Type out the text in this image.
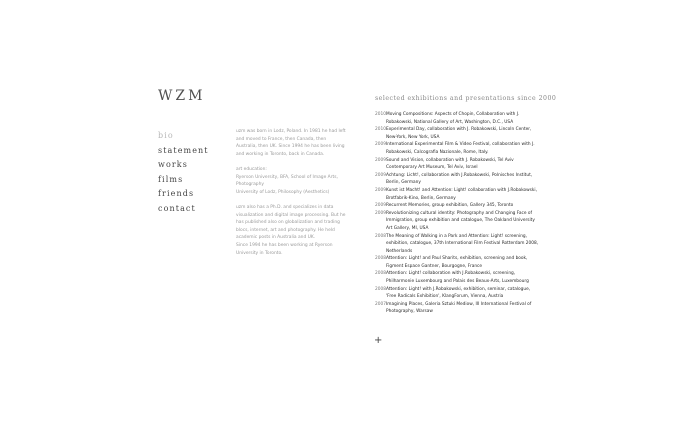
WZM
bio
statement
works
films
friends
contact

uzm was born in Lodz, Poland. In 1981 he had left and moved to France, then Canada, then Australia, then UK. Since 1994 he has been living and working in Toronto, back in Canada.

art education:
Ryerson University, BFA, School of Image Arts, Photography
University of Lodz, Philosophy (Aesthetics)

uzm also has a Ph.D. and specializes in data visualization and digital image processing. But he has published also on globalization and trading blocs, internet, art and photography. He held academic posts in Australia and UK.
Since 1994 he has been working at Ryerson University in Toronto.

selected exhibitions and presentations since 2000
2010 Moving Compositions: Aspects of Chopin, Collaboration with J. Robakowski, National Gallery of Art, Washington, D.C., USA
2010 Experimental Day, collaboration with J. Robakowski, Lincoln Center, New-York, New York, USA
2009 International Experimental Film & Video Festival, collaboration with J. Robakowski, Calcografia Nazionale, Rome, Italy.
2009 Sound and Vision, collaboration with J. Robakowski, Tel Aviv Contemporary Art Museum, Tel Aviv, Israel
2009 Achtung: Licht!, collaboration with J.Robakowski, Polnisches Institut, Berlin, Germany
2009 Kunst ist Macht! and Attention: Light! collaboration with J.Robakowski, Brotfabrik-Kino, Berlin, Germany
2009 Recurrent Memories, group exhibition, Gallery 345, Toronto
2009 Revolutionizing cultural identity: Photography and Changing Face of Immigration, group exhibition and catalogue, The Oakland University Art Gallery, MI, USA
2008 The Meaning of Walking in a Park and Attention: Light! screening, exhibition, catalogue, 37th International Film Festival Rotterdam 2008, Netherlands
2008 Attention: Light! and Paul Sharits, exhibition, screening and book, Figment Espace Gantner, Bourgogne, France
2008 Attention: Light! collaboration with J.Robakowski, screening, Philharmonie Luxembourg and Palais des Beaux-Arts, Luxembourg
2008 Attention: Light! with J.Robakowski, exhibition, seminar, catalogue, 'Free Radicals Exhibition', KlangForum, Vienna, Austria
2007 Imagining Places, Galeria Sztuki Mediow, III International Festival of Photography, Warsaw
+
